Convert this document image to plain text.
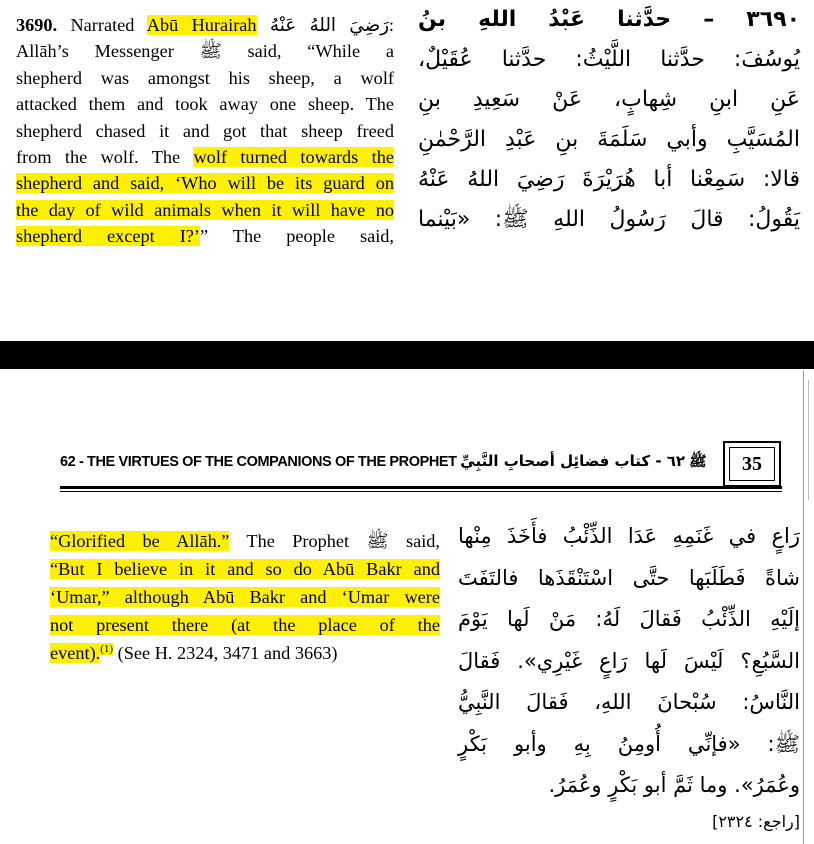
3690. Narrated Abū Hurairah رَضِيَ اللهُ عَنْهُ:
Allāh’s Messenger ﷺ said, “While a
shepherd was amongst his sheep, a wolf
attacked them and took away one sheep. The
shepherd chased it and got that sheep freed
from the wolf. The wolf turned towards the
shepherd and said, ‘Who will be its guard on
the day of wild animals when it will have no
shepherd except I?’” The people said,
٣٦٩٠ – حدَّثنا عَبْدُ اللهِ بنُ
يُوسُفَ: حدَّثنا اللَّيْثُ: حدَّثنا عُقَيْلٌ،
عَنِ ابنِ شِهابٍ، عَنْ سَعِيدِ بنِ
المُسَيَّبِ وأبي سَلَمَةَ بنِ عَبْدِ الرَّحْمٰنِ
قالا: سَمِعْنا أبا هُرَيْرَةَ رَضِيَ اللهُ عَنْهُ
يَقُولُ: قالَ رَسُولُ اللهِ ﷺ: «بَيْنما
62 - THE VIRTUES OF THE COMPANIONS OF THE PROPHET ﷺ ٦٢ - كتاب فضائِل أصحابِ النَّبِيِّ	35
“Glorified be Allāh.” The Prophet ﷺ said,
“But I believe in it and so do Abū Bakr and
‘Umar,” although Abū Bakr and ‘Umar were
not present there (at the place of the
event).$^{(1)}$ (See H. 2324, 3471 and 3663)
رَاعٍ في غَنَمِهِ عَدَا الذِّئْبُ فأَخَذَ مِنْها
شاةً فَطَلَبَها حتَّى اسْتَنْقَذَها فالتَفَتَ
إلَيْهِ الذِّئْبُ فَقالَ لَهُ: مَنْ لَها يَوْمَ
السَّبُعِ؟ لَيْسَ لَها رَاعٍ غَيْرِي». فَقالَ
النَّاسُ: سُبْحانَ اللهِ، فَقالَ النَّبِيُّ
ﷺ: «فإنِّي أُومِنُ بِهِ وأبو بَكْرٍ
وعُمَرُ». وما ثَمَّ أبو بَكْرٍ وعُمَرُ.
[راجع: ٢٣٢٤]
